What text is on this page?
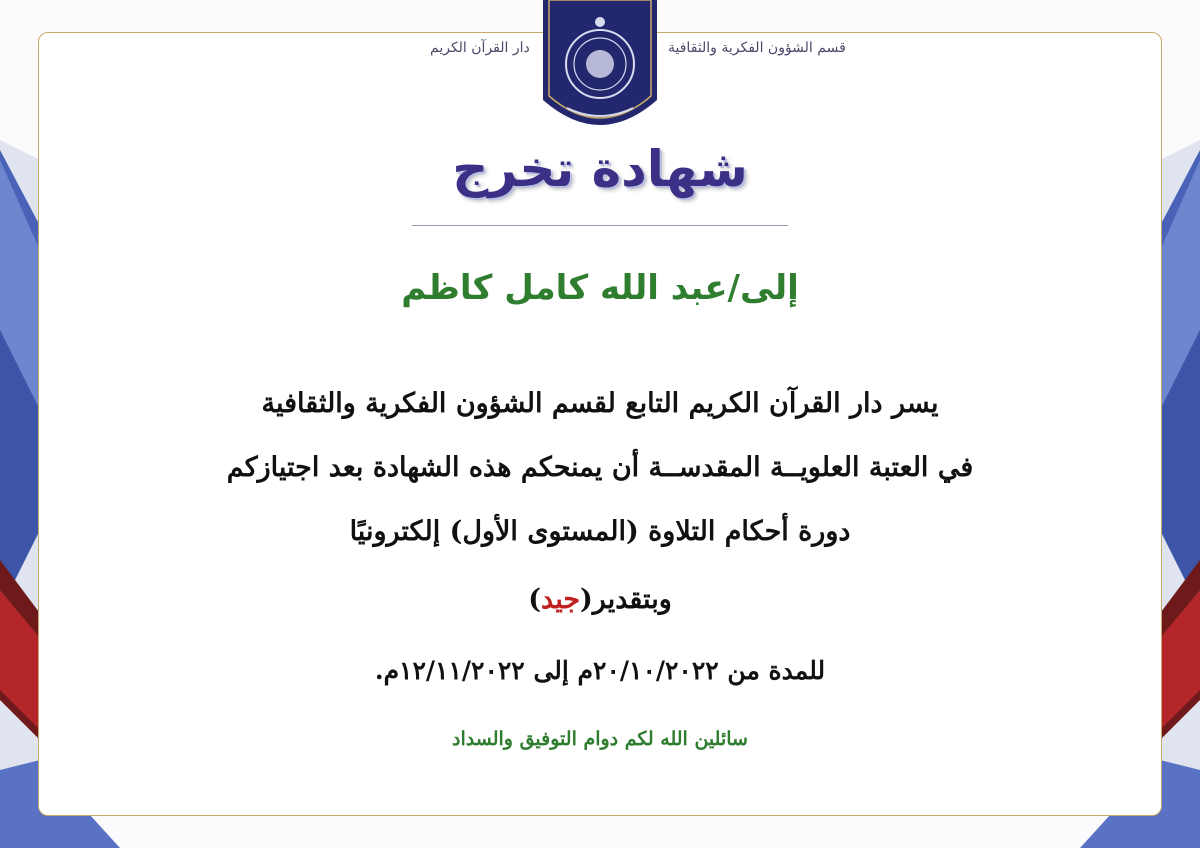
دار القرآن الكريم	قسم الشؤون الفكرية والثقافية
شهادة تخرج
إلى/عبد الله كامل كاظم
يسر دار القرآن الكريم التابع لقسم الشؤون الفكرية والثقافية
في العتبة العلويــة المقدســة أن يمنحكم هذه الشهادة بعد اجتيازكم
دورة أحكام التلاوة (المستوى الأول) إلكترونيًا
وبتقدير(جيد)
للمدة من ٢٠/١٠/٢٠٢٢م إلى ١٢/١١/٢٠٢٢م.
سائلين الله لكم دوام التوفيق والسداد
